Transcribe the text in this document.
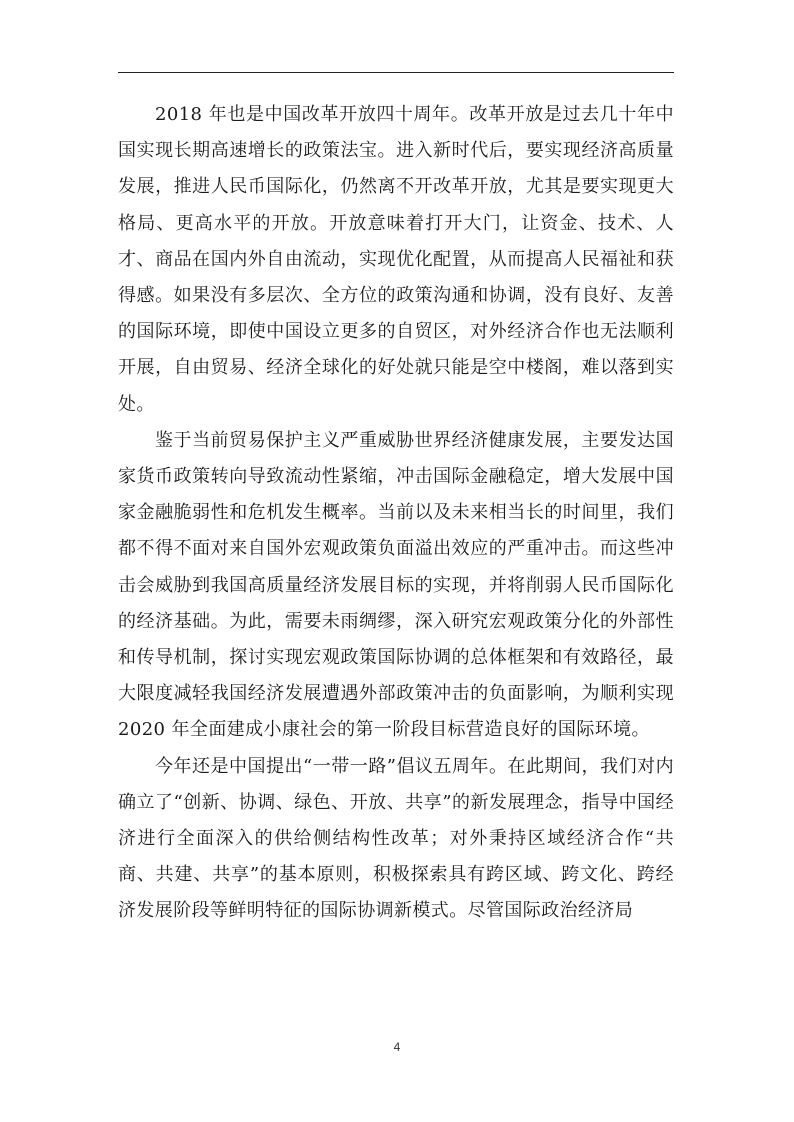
2018 年也是中国改革开放四十周年。改革开放是过去几十年中国实现长期高速增长的政策法宝。进入新时代后，要实现经济高质量发展，推进人民币国际化，仍然离不开改革开放，尤其是要实现更大格局、更高水平的开放。开放意味着打开大门，让资金、技术、人才、商品在国内外自由流动，实现优化配置，从而提高人民福祉和获得感。如果没有多层次、全方位的政策沟通和协调，没有良好、友善的国际环境，即使中国设立更多的自贸区，对外经济合作也无法顺利开展，自由贸易、经济全球化的好处就只能是空中楼阁，难以落到实处。

鉴于当前贸易保护主义严重威胁世界经济健康发展，主要发达国家货币政策转向导致流动性紧缩，冲击国际金融稳定，增大发展中国家金融脆弱性和危机发生概率。当前以及未来相当长的时间里，我们都不得不面对来自国外宏观政策负面溢出效应的严重冲击。而这些冲击会威胁到我国高质量经济发展目标的实现，并将削弱人民币国际化的经济基础。为此，需要未雨绸缪，深入研究宏观政策分化的外部性和传导机制，探讨实现宏观政策国际协调的总体框架和有效路径，最大限度减轻我国经济发展遭遇外部政策冲击的负面影响，为顺利实现 2020 年全面建成小康社会的第一阶段目标营造良好的国际环境。

今年还是中国提出“一带一路”倡议五周年。在此期间，我们对内确立了“创新、协调、绿色、开放、共享”的新发展理念，指导中国经济进行全面深入的供给侧结构性改革；对外秉持区域经济合作“共商、共建、共享”的基本原则，积极探索具有跨区域、跨文化、跨经济发展阶段等鲜明特征的国际协调新模式。尽管国际政治经济局

4
